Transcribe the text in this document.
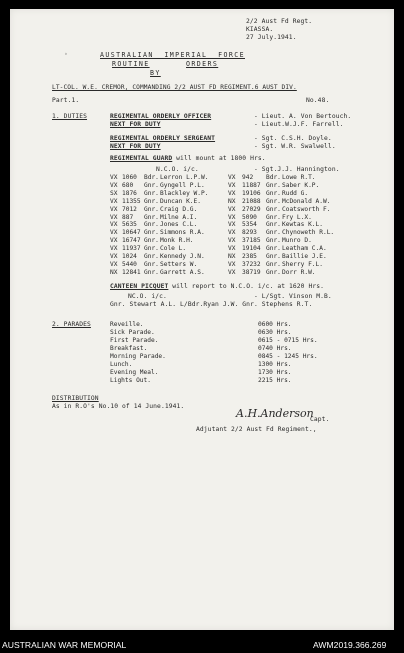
2/2 Aust Fd Regt.
KIASSA.
27 July.1941.
◦	AUSTRALIAN  IMPERIAL  FORCE
ROUTINE	ORDERS
BY
LT-COL. W.E. CREMOR, COMMANDING 2/2 AUST FD REGIMENT.6 AUST DIV.
Part.1.	No.48.
1. DUTIES	REGIMENTAL ORDERLY OFFICER	- Lieut. A. Von Bertouch.
NEXT FOR DUTY	- Lieut.W.J.F. Farrell.
REGIMENTAL ORDERLY SERGEANT	- Sgt. C.S.H. Doyle.
NEXT FOR DUTY	- Sgt. W.R. Swalwell.
REGIMENTAL GUARD will mount at 1800 Hrs.
N.C.O. i/c.	- Sgt.J.J. Hannington.
VX 1060 Bdr. Lerron L.P.W.	VX 942 Bdr. Lowe R.T.
VX 680 Gnr. Gyngell P.L.	VX 11887 Gnr. Saber K.P.
SX 1876 Gnr. Blackley W.P.	VX 19106 Gnr. Rudd G.
VX 11355 Gnr. Duncan K.E.	NX 21088 Gnr. McDonald A.W.
VX 7012 Gnr. Craig D.G.	VX 27029 Gnr. Coatsworth F.
VX 887 Gnr. Milne A.I.	VX 5090 Gnr. Fry L.X.
VX 5635 Gnr. Jones C.L.	VX 5354 Gnr. Kewtas K.L.
VX 10647 Gnr. Simmons R.A.	VX 8293 Gnr. Chynoweth R.L.
VX 16747 Gnr. Monk R.H.	VX 37185 Gnr. Munro D.
VX 11937 Gnr. Cole L.	VX 19104 Gnr. Leatham C.A.
VX 1024 Gnr. Kennedy J.N.	NX 2385 Gnr. Baillie J.E.
VX 5440 Gnr. Setters W.	VX 37232 Gnr. Sherry F.L.
NX 12841 Gnr. Garrett A.S.	VX 38719 Gnr. Dorr R.W.
CANTEEN PICQUET will report to N.C.O. i/c. at 1620 Hrs.
NC.O. i/c.	- L/Sgt. Vinson M.B.
Gnr. Stewart A.L. L/Bdr.Ryan J.W. Gnr. Stephens R.T.
2. PARADES	Reveille.	0600 Hrs.
Sick Parade.	0630 Hrs.
First Parade.	0615 - 0715 Hrs.
Breakfast.	0740 Hrs.
Morning Parade.	0845 - 1245 Hrs.
Lunch.	1300 Hrs.
Evening Meal.	1730 Hrs.
Lights Out.	2215 Hrs.
DISTRIBUTION
As in R.O's No.10 of 14 June.1941.
A.H.Anderson
Capt.
Adjutant 2/2 Aust Fd Regiment.,
AUSTRALIAN WAR MEMORIAL	AWM2019.366.269
